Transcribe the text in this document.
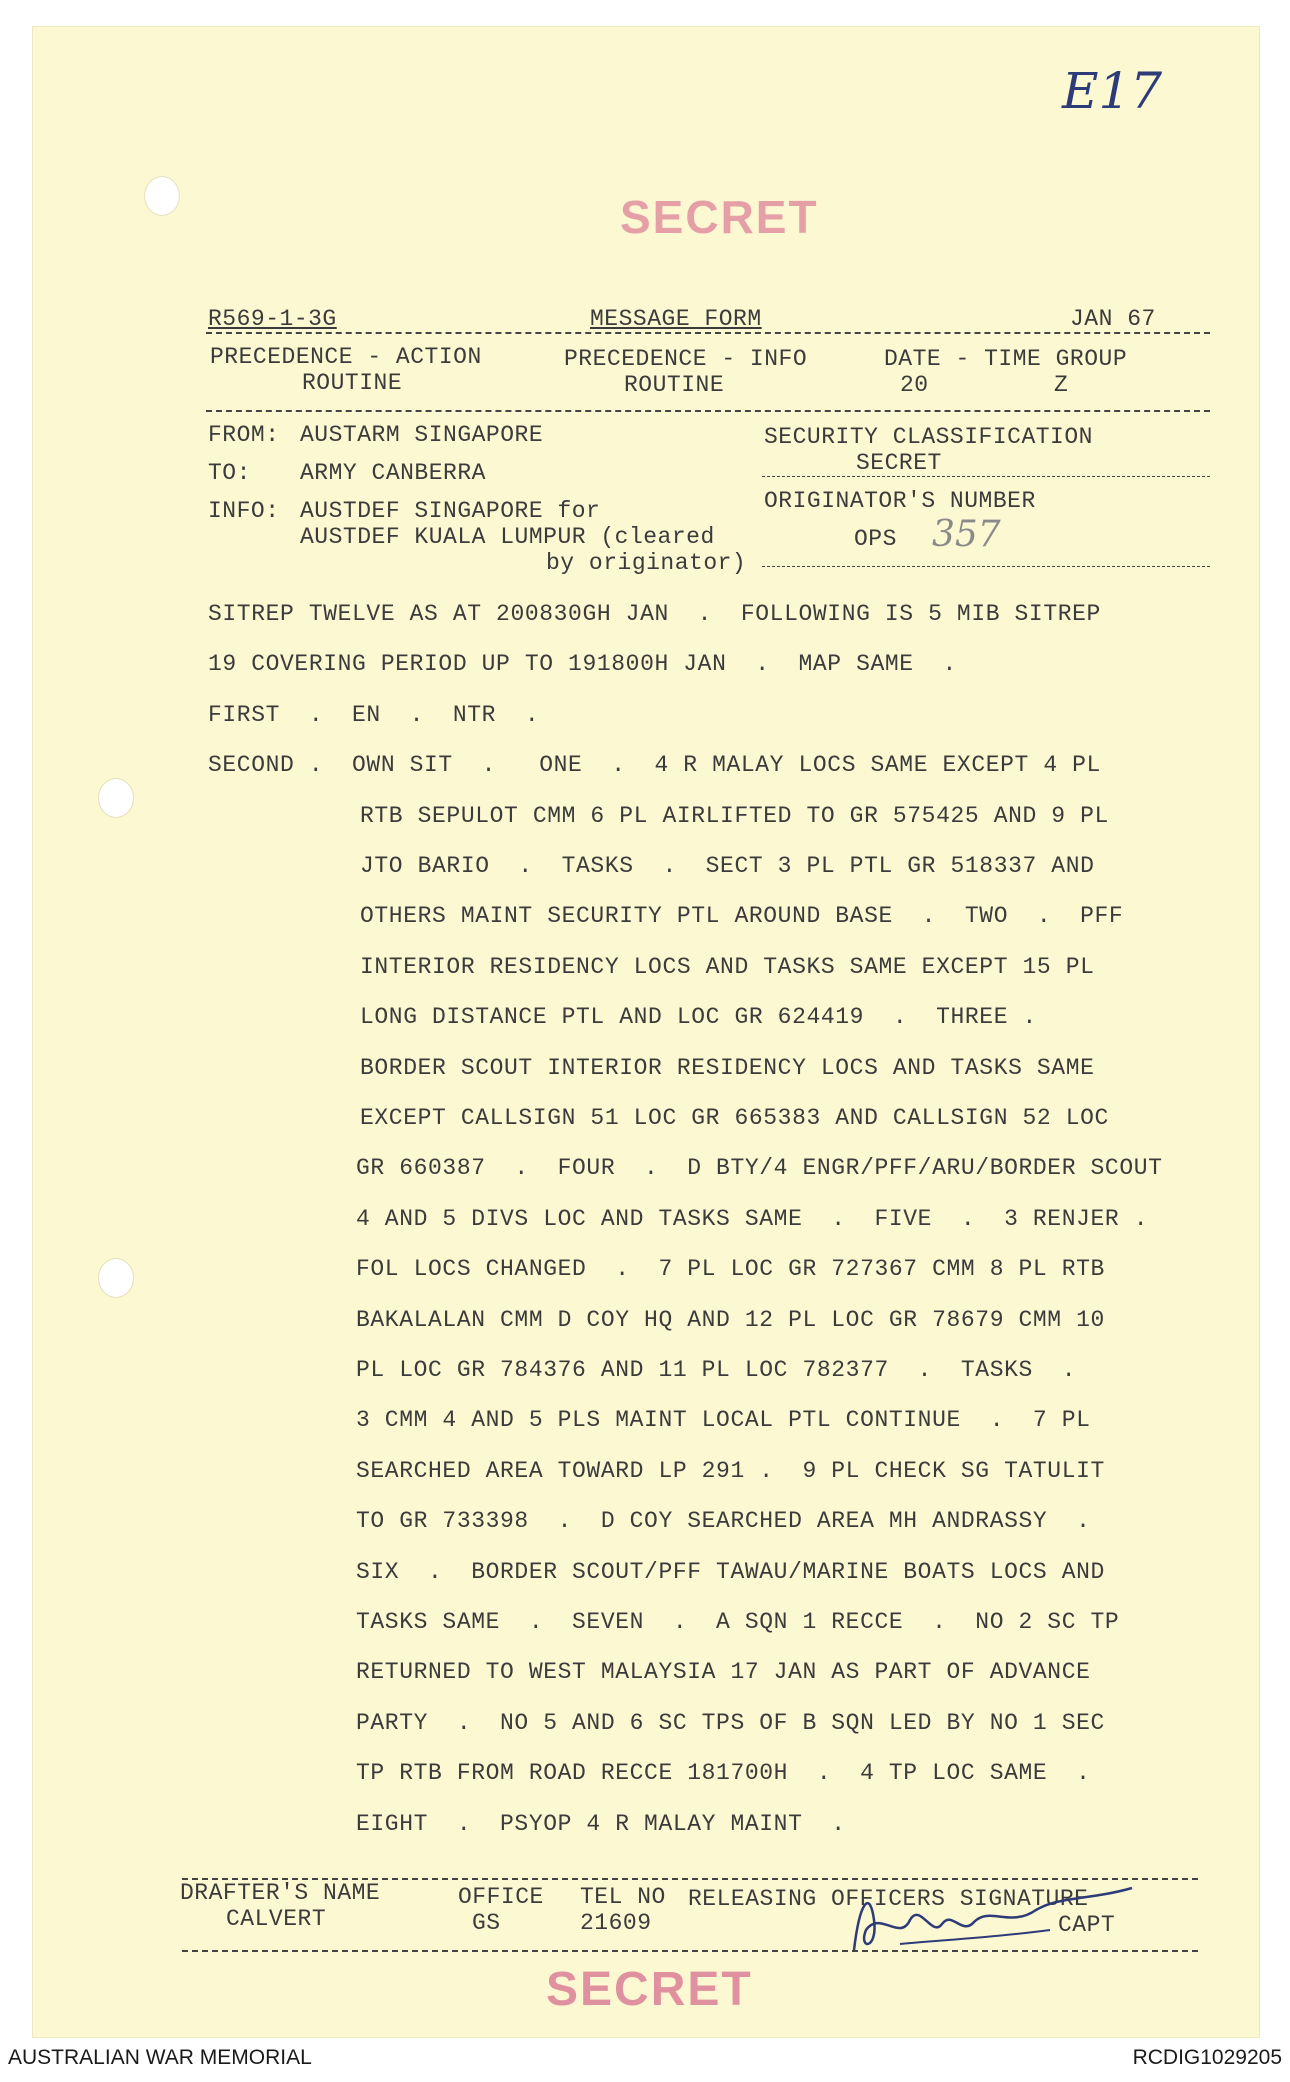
E17
SECRET
R569-1-3G	MESSAGE FORM	JAN 67
PRECEDENCE - ACTION
ROUTINE
PRECEDENCE - INFO
ROUTINE
DATE - TIME GROUP
20	Z
FROM: AUSTARM SINGAPORE
TO: ARMY CANBERRA
INFO: AUSTDEF SINGAPORE for
AUSTDEF KUALA LUMPUR (cleared
by originator)
SECURITY CLASSIFICATION
SECRET
ORIGINATOR'S NUMBER
OPS 357
SITREP TWELVE AS AT 200830GH JAN  .  FOLLOWING IS 5 MIB SITREP
19 COVERING PERIOD UP TO 191800H JAN  .  MAP SAME  .
FIRST  .  EN  .  NTR  .
SECOND .  OWN SIT  .   ONE  .  4 R MALAY LOCS SAME EXCEPT 4 PL
RTB SEPULOT CMM 6 PL AIRLIFTED TO GR 575425 AND 9 PL
JTO BARIO  .  TASKS  .  SECT 3 PL PTL GR 518337 AND
OTHERS MAINT SECURITY PTL AROUND BASE  .  TWO  .  PFF
INTERIOR RESIDENCY LOCS AND TASKS SAME EXCEPT 15 PL
LONG DISTANCE PTL AND LOC GR 624419  .  THREE .
BORDER SCOUT INTERIOR RESIDENCY LOCS AND TASKS SAME
EXCEPT CALLSIGN 51 LOC GR 665383 AND CALLSIGN 52 LOC
GR 660387  .  FOUR  .  D BTY/4 ENGR/PFF/ARU/BORDER SCOUT
4 AND 5 DIVS LOC AND TASKS SAME  .  FIVE  .  3 RENJER .
FOL LOCS CHANGED  .  7 PL LOC GR 727367 CMM 8 PL RTB
BAKALALAN CMM D COY HQ AND 12 PL LOC GR 78679 CMM 10
PL LOC GR 784376 AND 11 PL LOC 782377  .  TASKS  .
3 CMM 4 AND 5 PLS MAINT LOCAL PTL CONTINUE  .  7 PL
SEARCHED AREA TOWARD LP 291 .  9 PL CHECK SG TATULIT
TO GR 733398  .  D COY SEARCHED AREA MH ANDRASSY  .
SIX  .  BORDER SCOUT/PFF TAWAU/MARINE BOATS LOCS AND
TASKS SAME  .  SEVEN  .  A SQN 1 RECCE  .  NO 2 SC TP
RETURNED TO WEST MALAYSIA 17 JAN AS PART OF ADVANCE
PARTY  .  NO 5 AND 6 SC TPS OF B SQN LED BY NO 1 SEC
TP RTB FROM ROAD RECCE 181700H  .  4 TP LOC SAME  .
EIGHT  .  PSYOP 4 R MALAY MAINT  .
DRAFTER'S NAME
CALVERT
OFFICE
GS
TEL NO
21609
RELEASING OFFICERS SIGNATURE
CAPT
SECRET
AUSTRALIAN WAR MEMORIAL	RCDIG1029205
